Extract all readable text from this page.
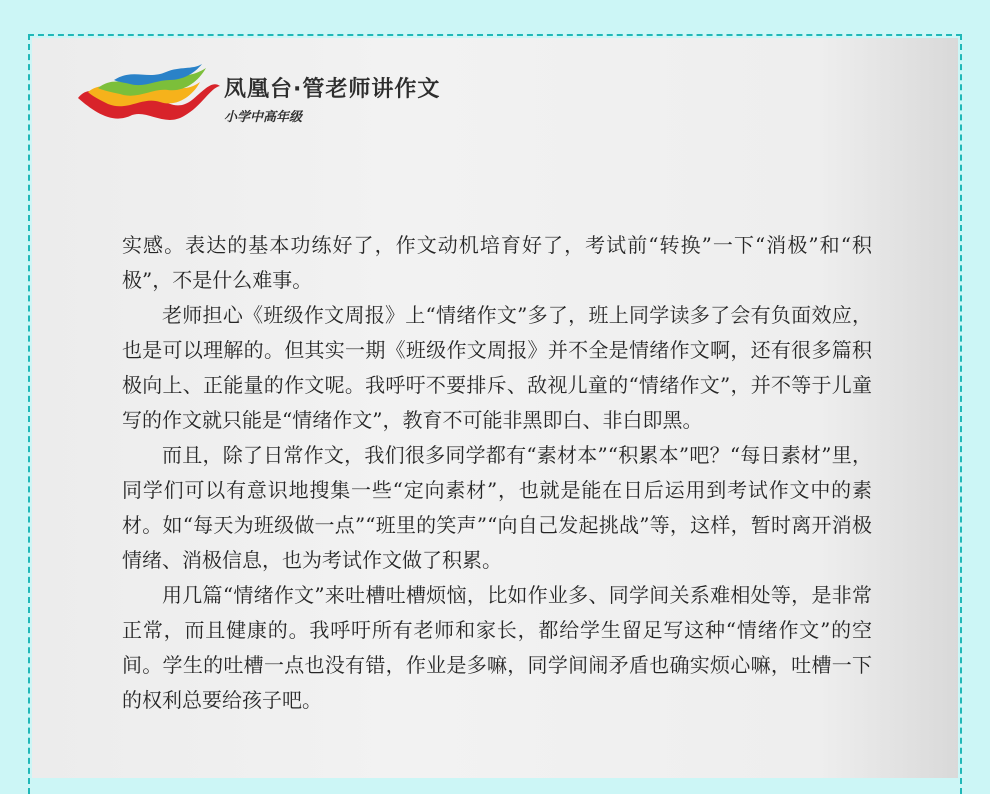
凤凰台·管老师讲作文
小学中高年级

实感。表达的基本功练好了，作文动机培育好了，考试前“转换”一下“消极”和“积极”，不是什么难事。

老师担心《班级作文周报》上“情绪作文”多了，班上同学读多了会有负面效应，也是可以理解的。但其实一期《班级作文周报》并不全是情绪作文啊，还有很多篇积极向上、正能量的作文呢。我呼吁不要排斥、敌视儿童的“情绪作文”，并不等于儿童写的作文就只能是“情绪作文”，教育不可能非黑即白、非白即黑。

而且，除了日常作文，我们很多同学都有“素材本”“积累本”吧？“每日素材”里，同学们可以有意识地搜集一些“定向素材”，也就是能在日后运用到考试作文中的素材。如“每天为班级做一点”“班里的笑声”“向自己发起挑战”等，这样，暂时离开消极情绪、消极信息，也为考试作文做了积累。

用几篇“情绪作文”来吐槽吐槽烦恼，比如作业多、同学间关系难相处等，是非常正常，而且健康的。我呼吁所有老师和家长，都给学生留足写这种“情绪作文”的空间。学生的吐槽一点也没有错，作业是多嘛，同学间闹矛盾也确实烦心嘛，吐槽一下的权利总要给孩子吧。
